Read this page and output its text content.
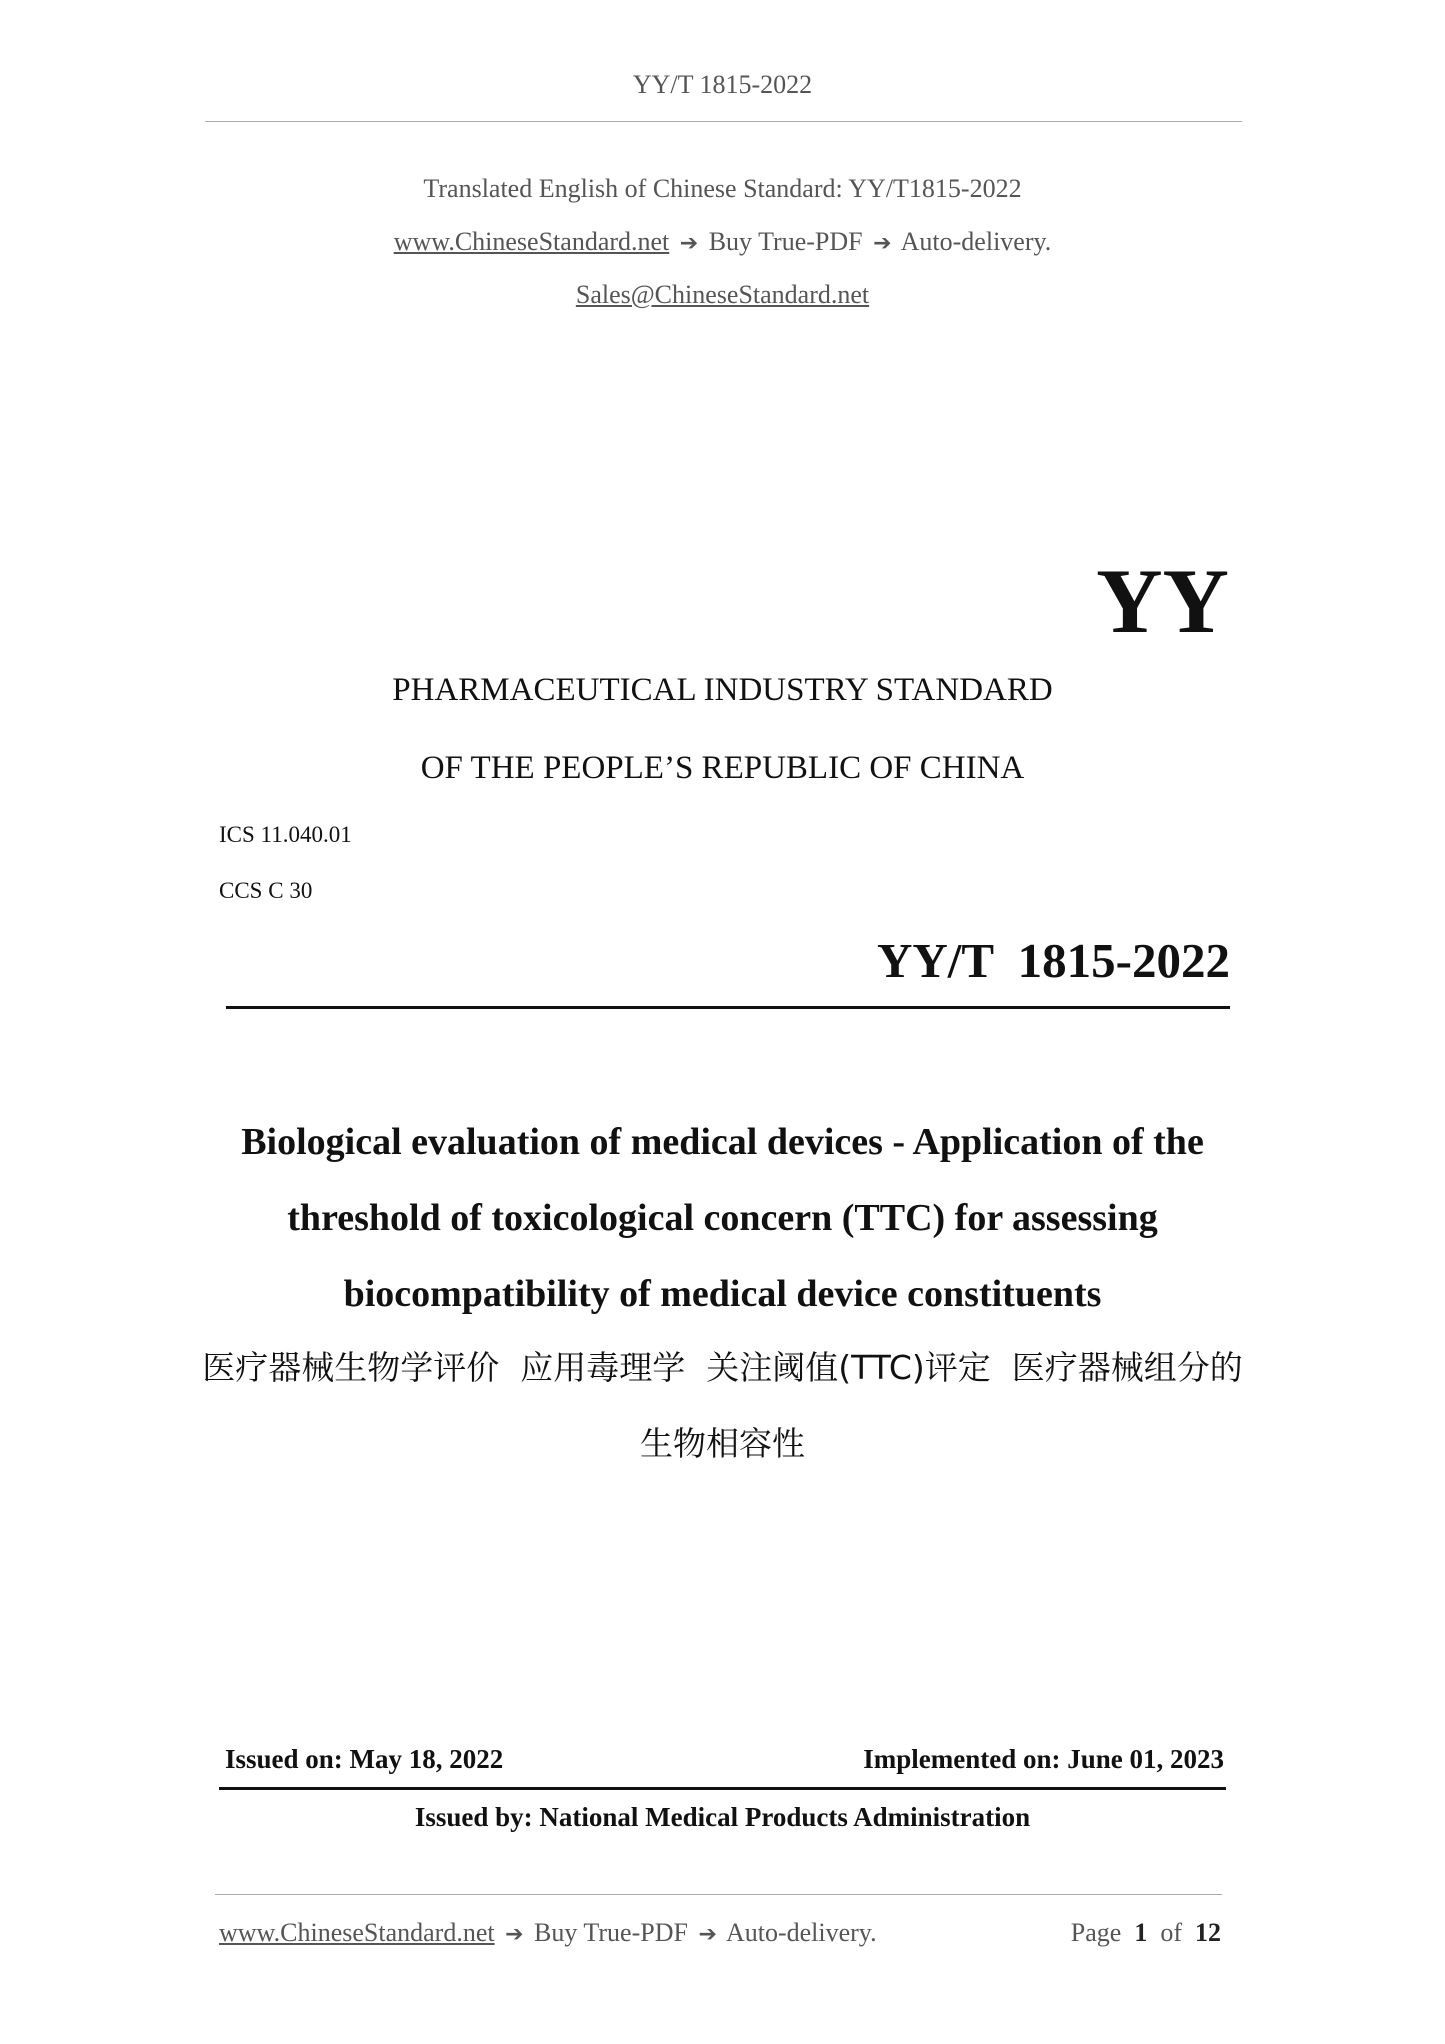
YY/T 1815-2022
Translated English of Chinese Standard: YY/T1815-2022
www.ChineseStandard.net ➔ Buy True-PDF ➔ Auto-delivery.
Sales@ChineseStandard.net
YY
PHARMACEUTICAL INDUSTRY STANDARD
OF THE PEOPLE’S REPUBLIC OF CHINA
ICS 11.040.01
CCS C 30
YY/T  1815-2022
Biological evaluation of medical devices - Application of the threshold of toxicological concern (TTC) for assessing biocompatibility of medical device constituents
医疗器械生物学评价  应用毒理学  关注阈值(TTC)评定  医疗器械组分的生物相容性
Issued on: May 18, 2022	Implemented on: June 01, 2023
Issued by: National Medical Products Administration
www.ChineseStandard.net ➔ Buy True-PDF ➔ Auto-delivery.	Page 1 of 12
